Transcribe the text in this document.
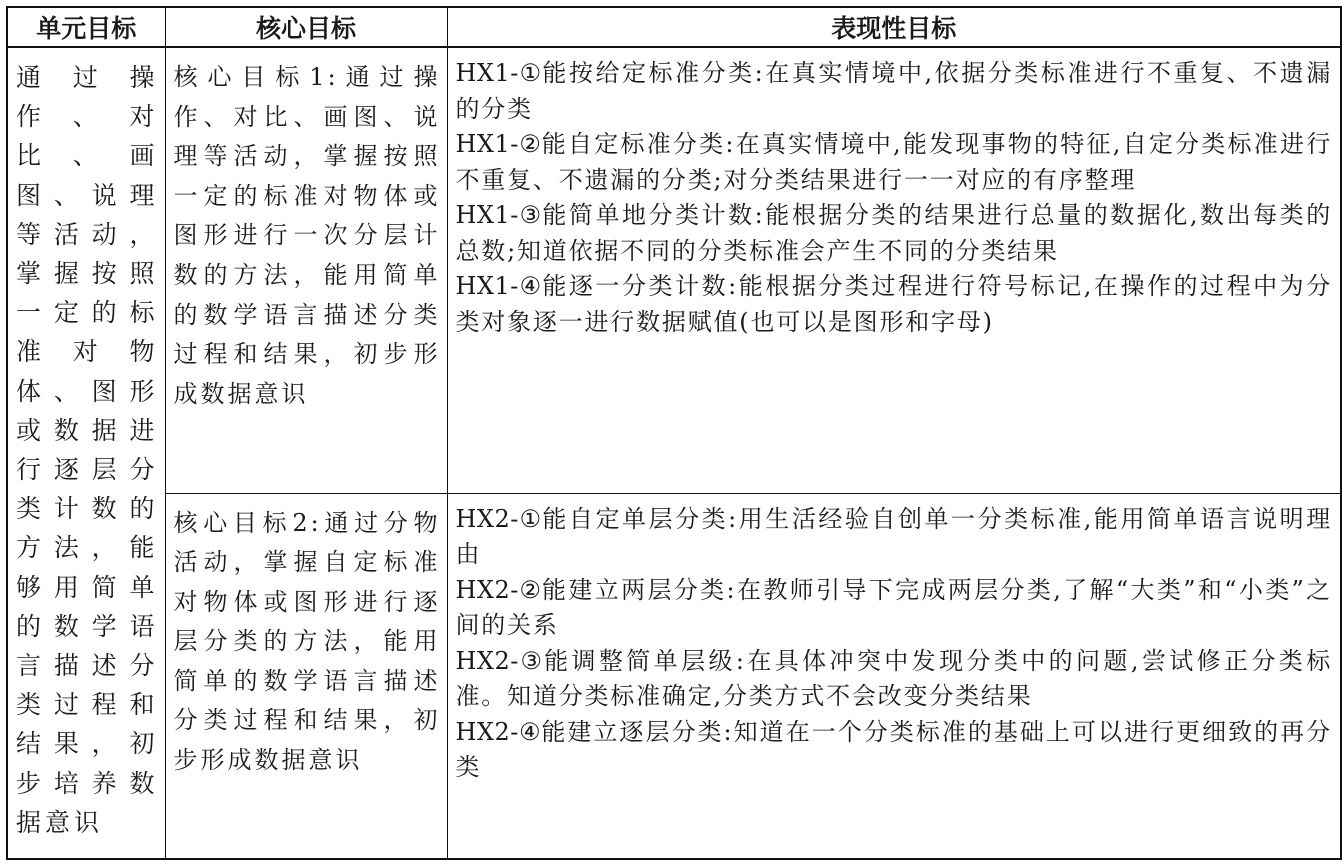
单元目标	核心目标	表现性目标

通过操作、对比、画图、说理等活动，掌握按照一定的标准对物体、图形或数据进行逐层分类计数的方法，能够用简单的数学语言描述分类过程和结果，初步培养数据意识	核心目标1:通过操作、对比、画图、说理等活动，掌握按照一定的标准对物体或图形进行一次分层计数的方法，能用简单的数学语言描述分类过程和结果，初步形成数据意识	HX1-①能按给定标准分类:在真实情境中,依据分类标准进行不重复、不遗漏的分类
HX1-②能自定标准分类:在真实情境中,能发现事物的特征,自定分类标准进行不重复、不遗漏的分类;对分类结果进行一一对应的有序整理
HX1-③能简单地分类计数:能根据分类的结果进行总量的数据化,数出每类的总数;知道依据不同的分类标准会产生不同的分类结果
HX1-④能逐一分类计数:能根据分类过程进行符号标记,在操作的过程中为分类对象逐一进行数据赋值(也可以是图形和字母)

	核心目标2:通过分物活动，掌握自定标准对物体或图形进行逐层分类的方法，能用简单的数学语言描述分类过程和结果，初步形成数据意识	HX2-①能自定单层分类:用生活经验自创单一分类标准,能用简单语言说明理由
HX2-②能建立两层分类:在教师引导下完成两层分类,了解“大类”和“小类”之间的关系
HX2-③能调整简单层级:在具体冲突中发现分类中的问题,尝试修正分类标准。知道分类标准确定,分类方式不会改变分类结果
HX2-④能建立逐层分类:知道在一个分类标准的基础上可以进行更细致的再分类
